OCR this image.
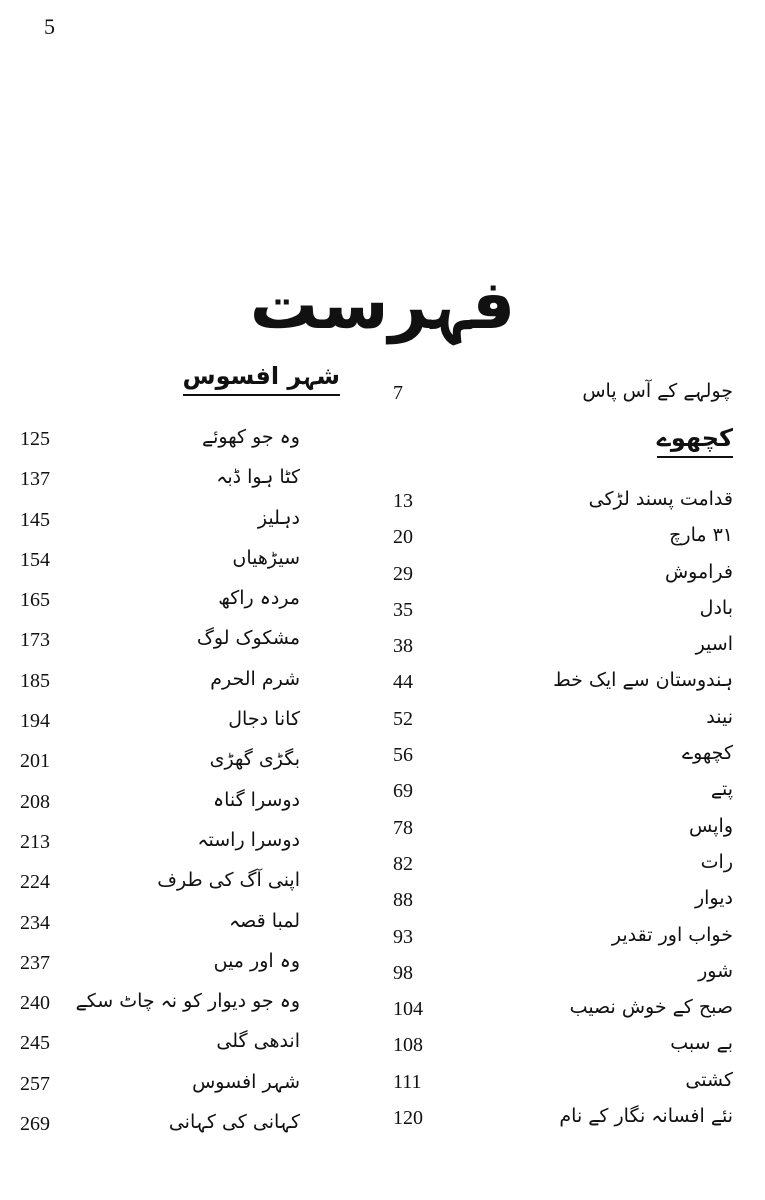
5
فہرست
چولہے کے آس پاس
7
کچھوے
قدامت پسند لڑکی
13
۳۱ مارچ
20
فراموش
29
بادل
35
اسیر
38
ہندوستان سے ایک خط
44
نیند
52
کچھوے
56
پتے
69
واپس
78
رات
82
دیوار
88
خواب اور تقدیر
93
شور
98
صبح کے خوش نصیب
104
بے سبب
108
کشتی
111
نئے افسانہ نگار کے نام
120
شہر افسوس
وہ جو کھوئے
125
کٹا ہوا ڈبہ
137
دہلیز
145
سیڑھیاں
154
مردہ راکھ
165
مشکوک لوگ
173
شرم الحرم
185
کانا دجال
194
بگڑی گھڑی
201
دوسرا گناہ
208
دوسرا راستہ
213
اپنی آگ کی طرف
224
لمبا قصہ
234
وہ اور میں
237
وہ جو دیوار کو نہ چاٹ سکے
240
اندھی گلی
245
شہر افسوس
257
کہانی کی کہانی
269
